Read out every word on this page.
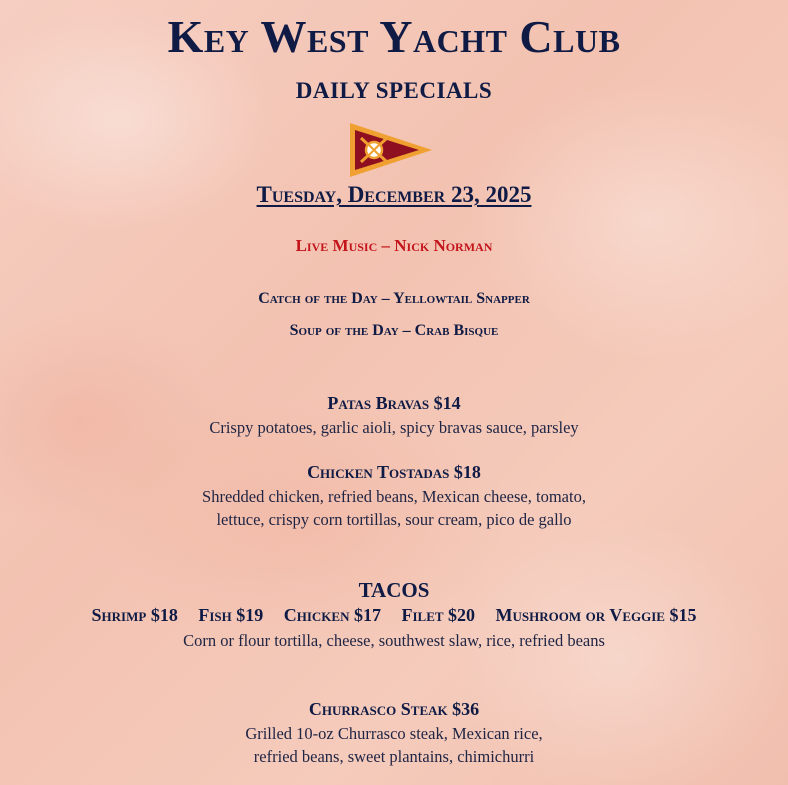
Key West Yacht Club
DAILY SPECIALS
Tuesday, December 23, 2025
Live Music – Nick Norman
Catch of the Day – Yellowtail Snapper
Soup of the Day – Crab Bisque
Patas Bravas $14
Crispy potatoes, garlic aioli, spicy bravas sauce, parsley
Chicken Tostadas $18
Shredded chicken, refried beans, Mexican cheese, tomato,
lettuce, crispy corn tortillas, sour cream, pico de gallo
TACOS
Shrimp $18 Fish $19 Chicken $17 Filet $20 Mushroom or Veggie $15
Corn or flour tortilla, cheese, southwest slaw, rice, refried beans
Churrasco Steak $36
Grilled 10-oz Churrasco steak, Mexican rice,
refried beans, sweet plantains, chimichurri
